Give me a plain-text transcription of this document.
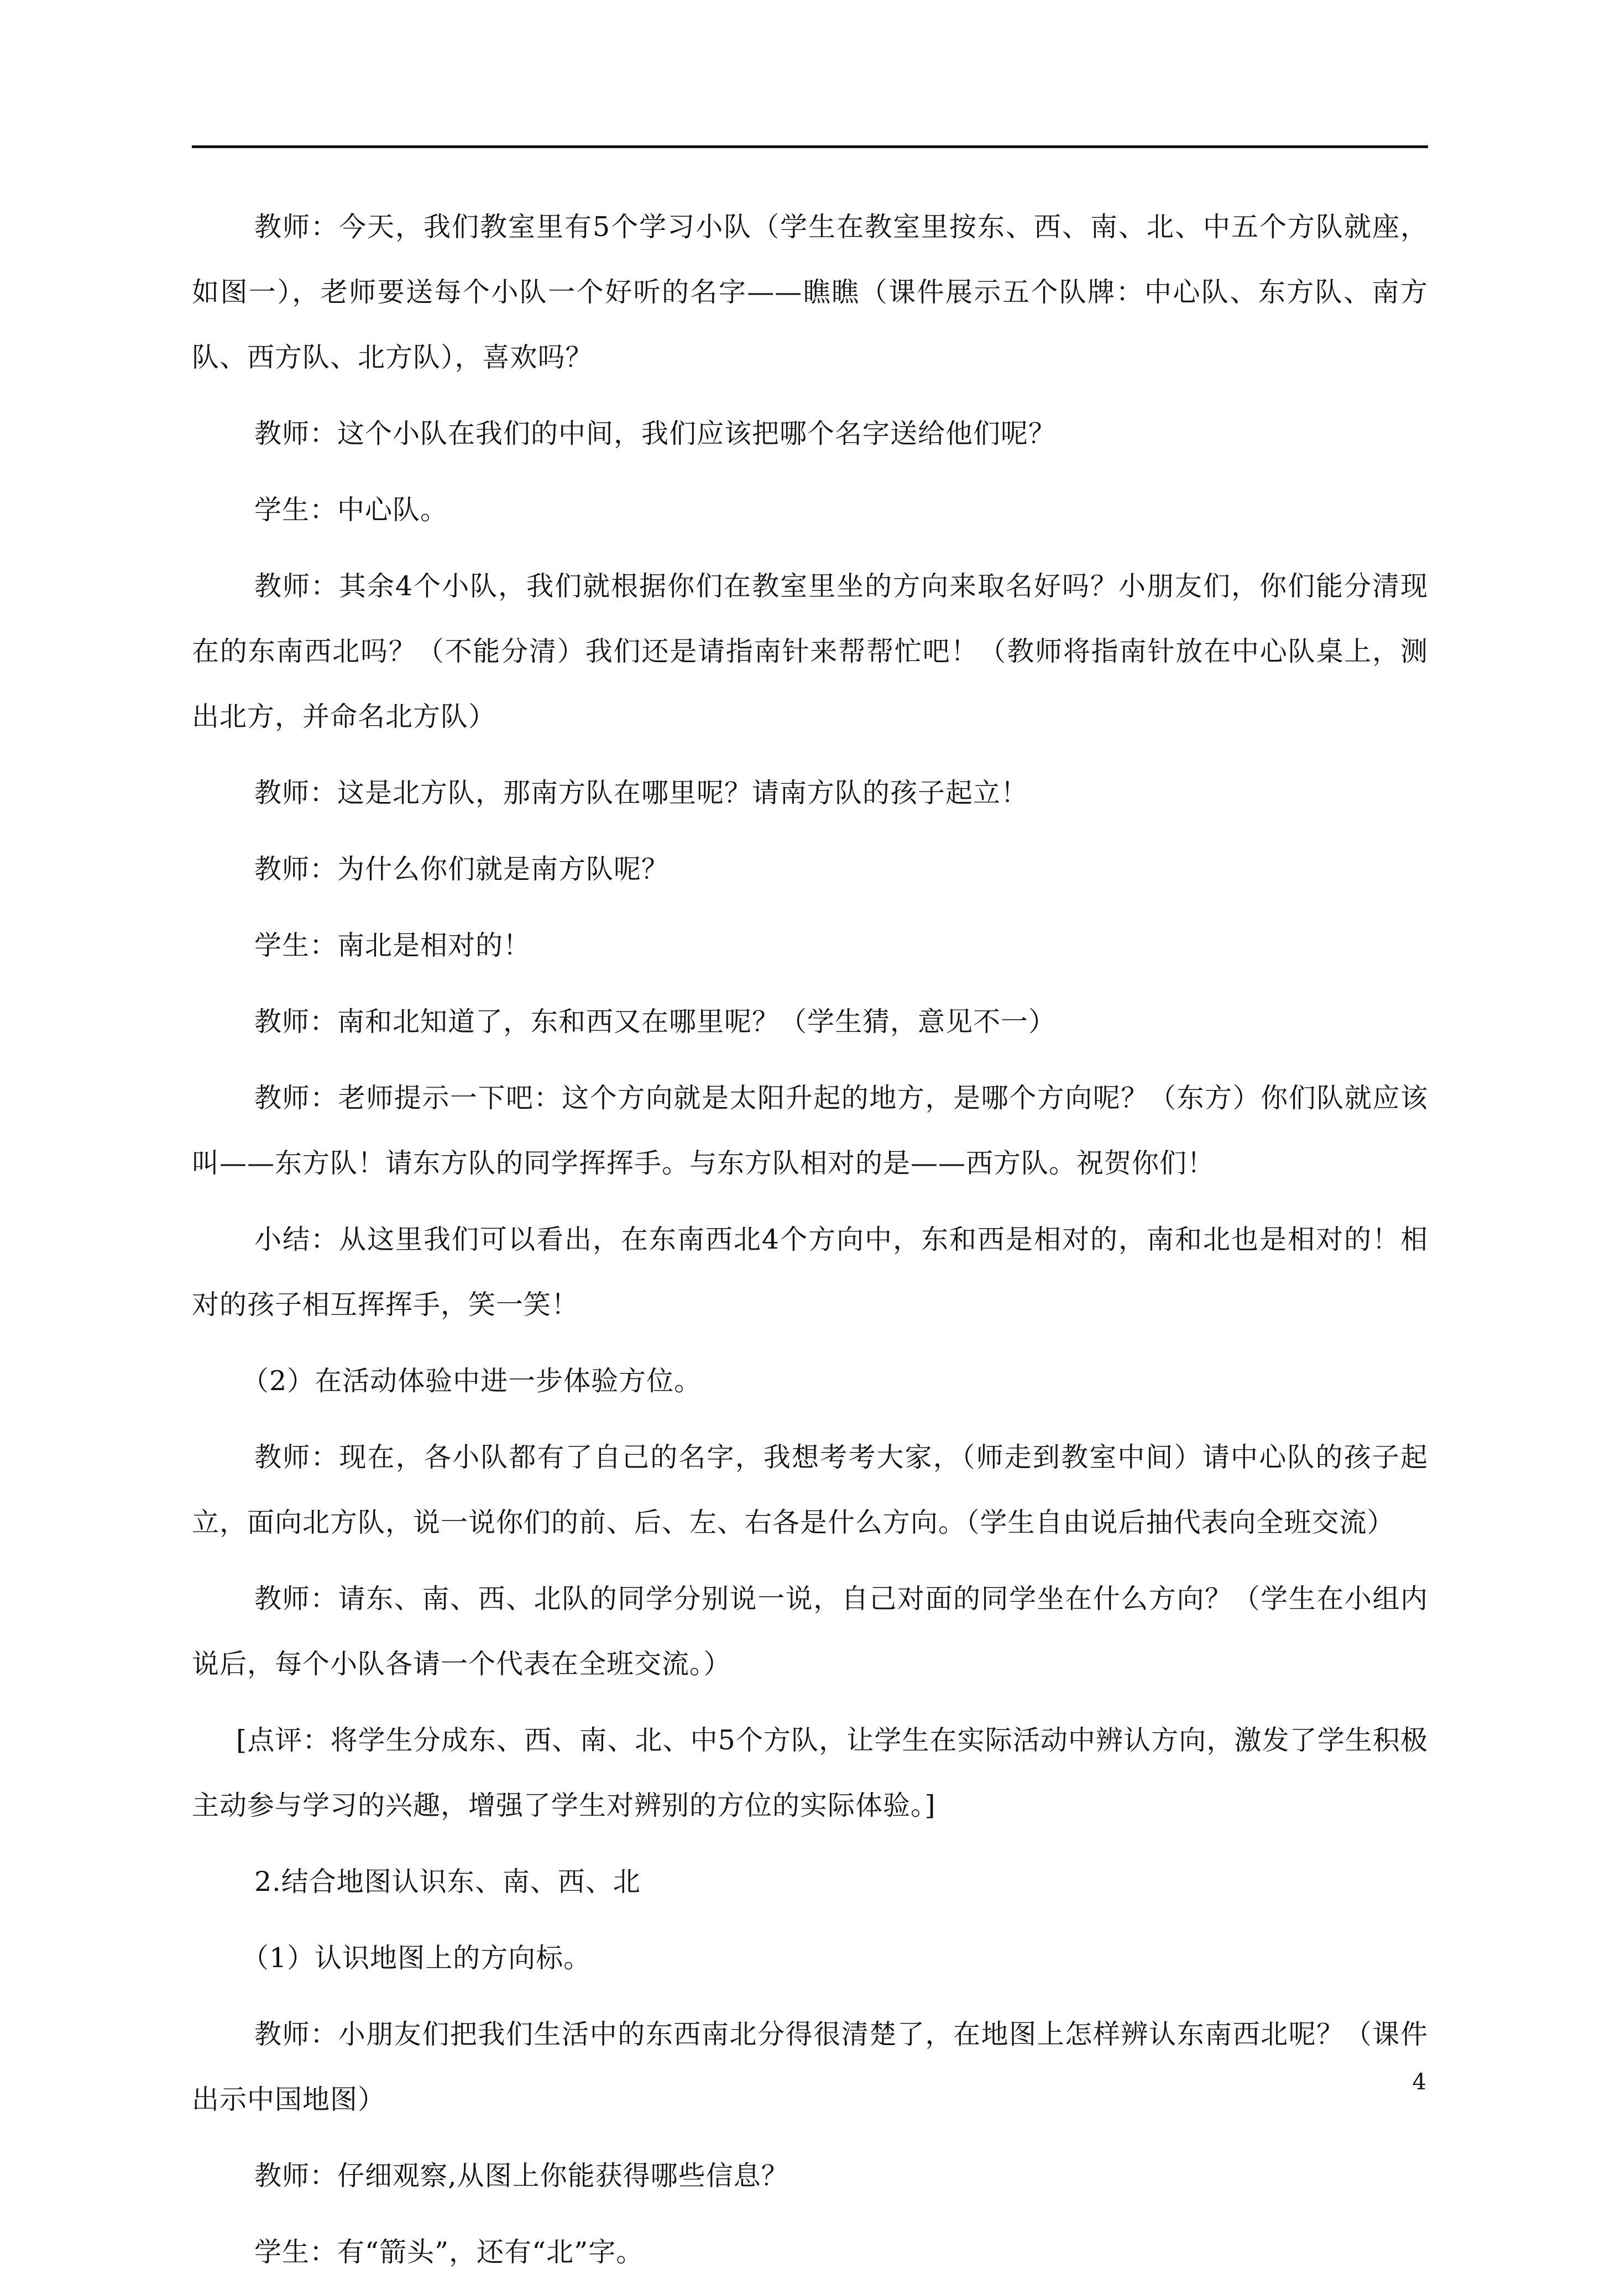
教师：今天，我们教室里有5个学习小队（学生在教室里按东、西、南、北、中五个方队就座，如图一），老师要送每个小队一个好听的名字——瞧瞧（课件展示五个队牌：中心队、东方队、南方队、西方队、北方队），喜欢吗？

教师：这个小队在我们的中间，我们应该把哪个名字送给他们呢？

学生：中心队。

教师：其余4个小队，我们就根据你们在教室里坐的方向来取名好吗？小朋友们，你们能分清现在的东南西北吗？（不能分清）我们还是请指南针来帮帮忙吧！（教师将指南针放在中心队桌上，测出北方，并命名北方队）

教师：这是北方队，那南方队在哪里呢？请南方队的孩子起立！

教师：为什么你们就是南方队呢？

学生：南北是相对的！

教师：南和北知道了，东和西又在哪里呢？（学生猜，意见不一）

教师：老师提示一下吧：这个方向就是太阳升起的地方，是哪个方向呢？（东方）你们队就应该叫——东方队！请东方队的同学挥挥手。与东方队相对的是——西方队。祝贺你们！

小结：从这里我们可以看出，在东南西北4个方向中，东和西是相对的，南和北也是相对的！相对的孩子相互挥挥手，笑一笑！

（2）在活动体验中进一步体验方位。

教师：现在，各小队都有了自己的名字，我想考考大家，（师走到教室中间）请中心队的孩子起立，面向北方队，说一说你们的前、后、左、右各是什么方向。（学生自由说后抽代表向全班交流）

教师：请东、南、西、北队的同学分别说一说，自己对面的同学坐在什么方向？（学生在小组内说后，每个小队各请一个代表在全班交流。）

[点评：将学生分成东、西、南、北、中5个方队，让学生在实际活动中辨认方向，激发了学生积极主动参与学习的兴趣，增强了学生对辨别的方位的实际体验。]

2.结合地图认识东、南、西、北

（1）认识地图上的方向标。

教师：小朋友们把我们生活中的东西南北分得很清楚了，在地图上怎样辨认东南西北呢？（课件出示中国地图）

教师：仔细观察,从图上你能获得哪些信息？

学生：有“箭头”，还有“北”字。

4
